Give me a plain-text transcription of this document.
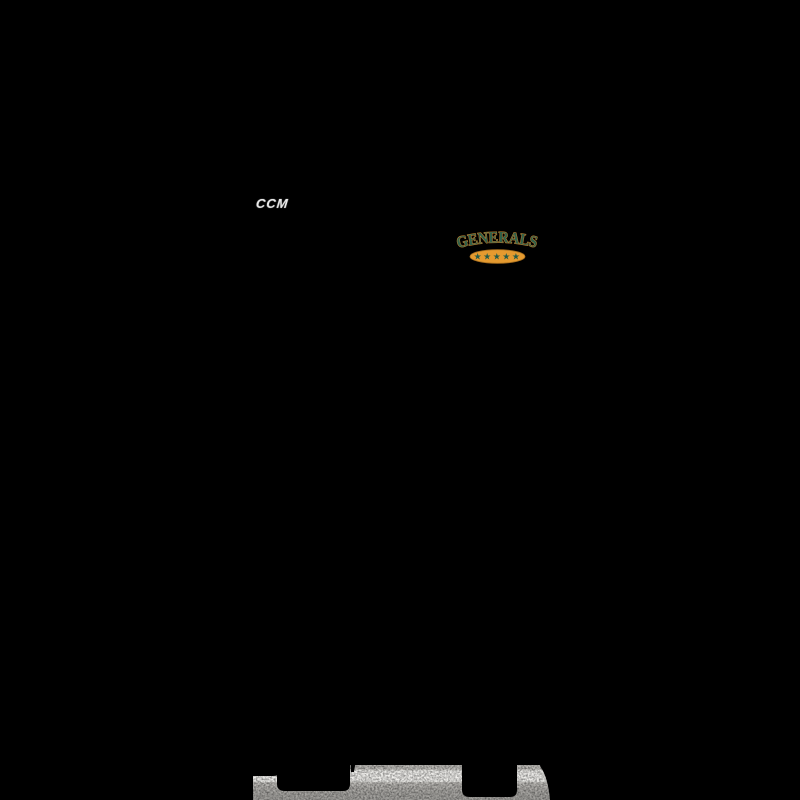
CCM
★★★★★
GENERALS
